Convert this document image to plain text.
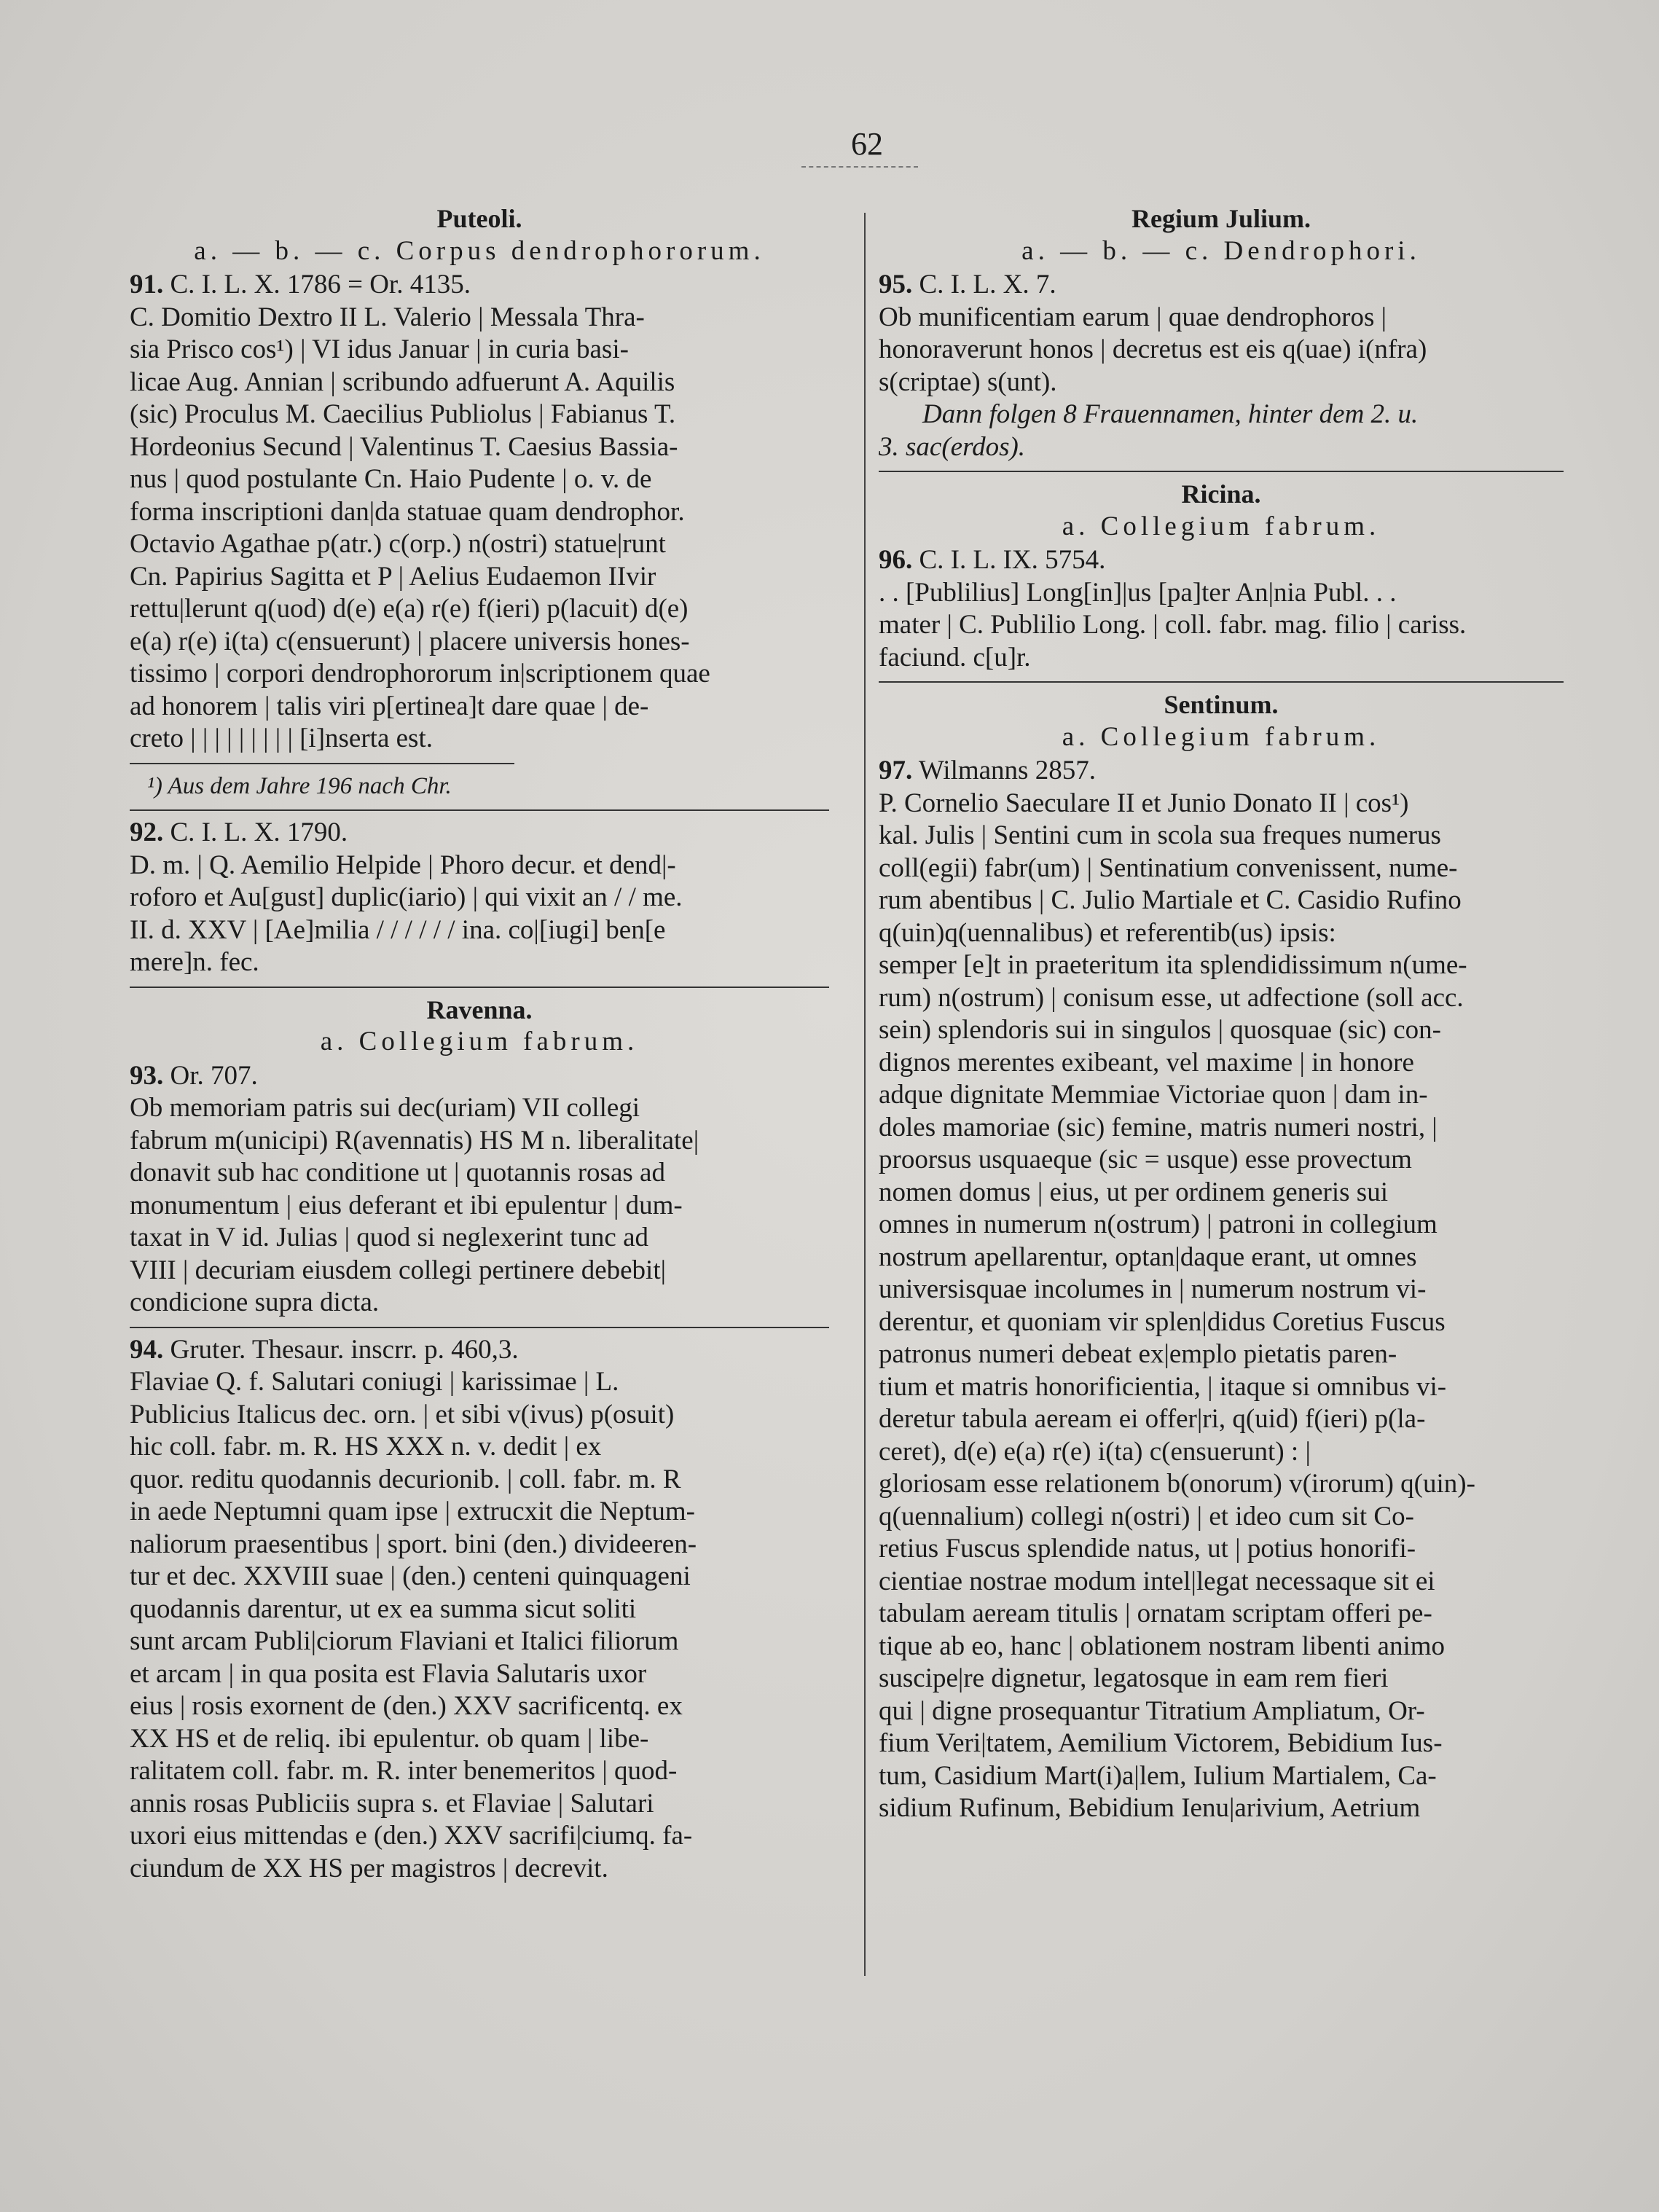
62
Puteoli.
a. — b. — c. Corpus dendrophororum.
91. C. I. L. X. 1786 = Or. 4135.

C. Domitio Dextro II L. Valerio | Messala Thra-

sia Prisco cos¹) | VI idus Januar | in curia basi-

licae Aug. Annian | scribundo adfuerunt A. Aquilis

(sic) Proculus M. Caecilius Publiolus | Fabianus T.

Hordeonius Secund | Valentinus T. Caesius Bassia-

nus | quod postulante Cn. Haio Pudente | o. v. de

forma inscriptioni dan|da statuae quam dendrophor.

Octavio Agathae p(atr.) c(orp.) n(ostri) statue|runt

Cn. Papirius Sagitta et P | Aelius Eudaemon IIvir

rettu|lerunt q(uod) d(e) e(a) r(e) f(ieri) p(lacuit) d(e)

e(a) r(e) i(ta) c(ensuerunt) | placere universis hones-

tissimo | corpori dendrophororum in|scriptionem quae

ad honorem | talis viri p[ertinea]t dare quae | de-

creto | | | | | | | | | [i]nserta est.

¹) Aus dem Jahre 196 nach Chr.
92. C. I. L. X. 1790.

D. m. | Q. Aemilio Helpide | Phoro decur. et dend|-

roforo et Au[gust] duplic(iario) | qui vixit an / / me.

II. d. XXV | [Ae]milia / / / / / / ina. co|[iugi] ben[e

mere]n. fec.

Ravenna.
a. Collegium fabrum.
93. Or. 707.

Ob memoriam patris sui dec(uriam) VII collegi

fabrum m(unicipi) R(avennatis) HS M n. liberalitate|

donavit sub hac conditione ut | quotannis rosas ad

monumentum | eius deferant et ibi epulentur | dum-

taxat in V id. Julias | quod si neglexerint tunc ad

VIII | decuriam eiusdem collegi pertinere debebit|

condicione supra dicta.

94. Gruter. Thesaur. inscrr. p. 460,3.

Flaviae Q. f. Salutari coniugi | karissimae | L.

Publicius Italicus dec. orn. | et sibi v(ivus) p(osuit)

hic coll. fabr. m. R. HS XXX n. v. dedit | ex

quor. reditu quodannis decurionib. | coll. fabr. m. R

in aede Neptumni quam ipse | extrucxit die Neptum-

naliorum praesentibus | sport. bini (den.) divideeren-

tur et dec. XXVIII suae | (den.) centeni quinquageni

quodannis darentur, ut ex ea summa sicut soliti

sunt arcam Publi|ciorum Flaviani et Italici filiorum

et arcam | in qua posita est Flavia Salutaris uxor

eius | rosis exornent de (den.) XXV sacrificentq. ex

XX HS et de reliq. ibi epulentur. ob quam | libe-

ralitatem coll. fabr. m. R. inter benemeritos | quod-

annis rosas Publiciis supra s. et Flaviae | Salutari

uxori eius mittendas e (den.) XXV sacrifi|ciumq. fa-

ciundum de XX HS per magistros | decrevit.

Regium Julium.
a. — b. — c. Dendrophori.
95. C. I. L. X. 7.

Ob munificentiam earum | quae dendrophoros |

honoraverunt honos | decretus est eis q(uae) i(nfra)

s(criptae) s(unt).

Dann folgen 8 Frauennamen, hinter dem 2. u.

3. sac(erdos).

Ricina.
a. Collegium fabrum.
96. C. I. L. IX. 5754.

. . [Publilius] Long[in]|us [pa]ter An|nia Publ. . .

mater | C. Publilio Long. | coll. fabr. mag. filio | cariss.

faciund. c[u]r.

Sentinum.
a. Collegium fabrum.
97. Wilmanns 2857.

P. Cornelio Saeculare II et Junio Donato II | cos¹)

kal. Julis | Sentini cum in scola sua freques numerus

coll(egii) fabr(um) | Sentinatium convenissent, nume-

rum abentibus | C. Julio Martiale et C. Casidio Rufino

q(uin)q(uennalibus) et referentib(us) ipsis:

semper [e]t in praeteritum ita splendidissimum n(ume-

rum) n(ostrum) | conisum esse, ut adfectione (soll acc.

sein) splendoris sui in singulos | quosquae (sic) con-

dignos merentes exibeant, vel maxime | in honore

adque dignitate Memmiae Victoriae quon | dam in-

doles mamoriae (sic) femine, matris numeri nostri, |

proorsus usquaeque (sic = usque) esse provectum

nomen domus | eius, ut per ordinem generis sui

omnes in numerum n(ostrum) | patroni in collegium

nostrum apellarentur, optan|daque erant, ut omnes

universisquae incolumes in | numerum nostrum vi-

derentur, et quoniam vir splen|didus Coretius Fuscus

patronus numeri debeat ex|emplo pietatis paren-

tium et matris honorificientia, | itaque si omnibus vi-

deretur tabula aeream ei offer|ri, q(uid) f(ieri) p(la-

ceret), d(e) e(a) r(e) i(ta) c(ensuerunt) : |

gloriosam esse relationem b(onorum) v(irorum) q(uin)-

q(uennalium) collegi n(ostri) | et ideo cum sit Co-

retius Fuscus splendide natus, ut | potius honorifi-

cientiae nostrae modum intel|legat necessaque sit ei

tabulam aeream titulis | ornatam scriptam offeri pe-

tique ab eo, hanc | oblationem nostram libenti animo

suscipe|re dignetur, legatosque in eam rem fieri

qui | digne prosequantur Titratium Ampliatum, Or-

fium Veri|tatem, Aemilium Victorem, Bebidium Ius-

tum, Casidium Mart(i)a|lem, Iulium Martialem, Ca-

sidium Rufinum, Bebidium Ienu|arivium, Aetrium
